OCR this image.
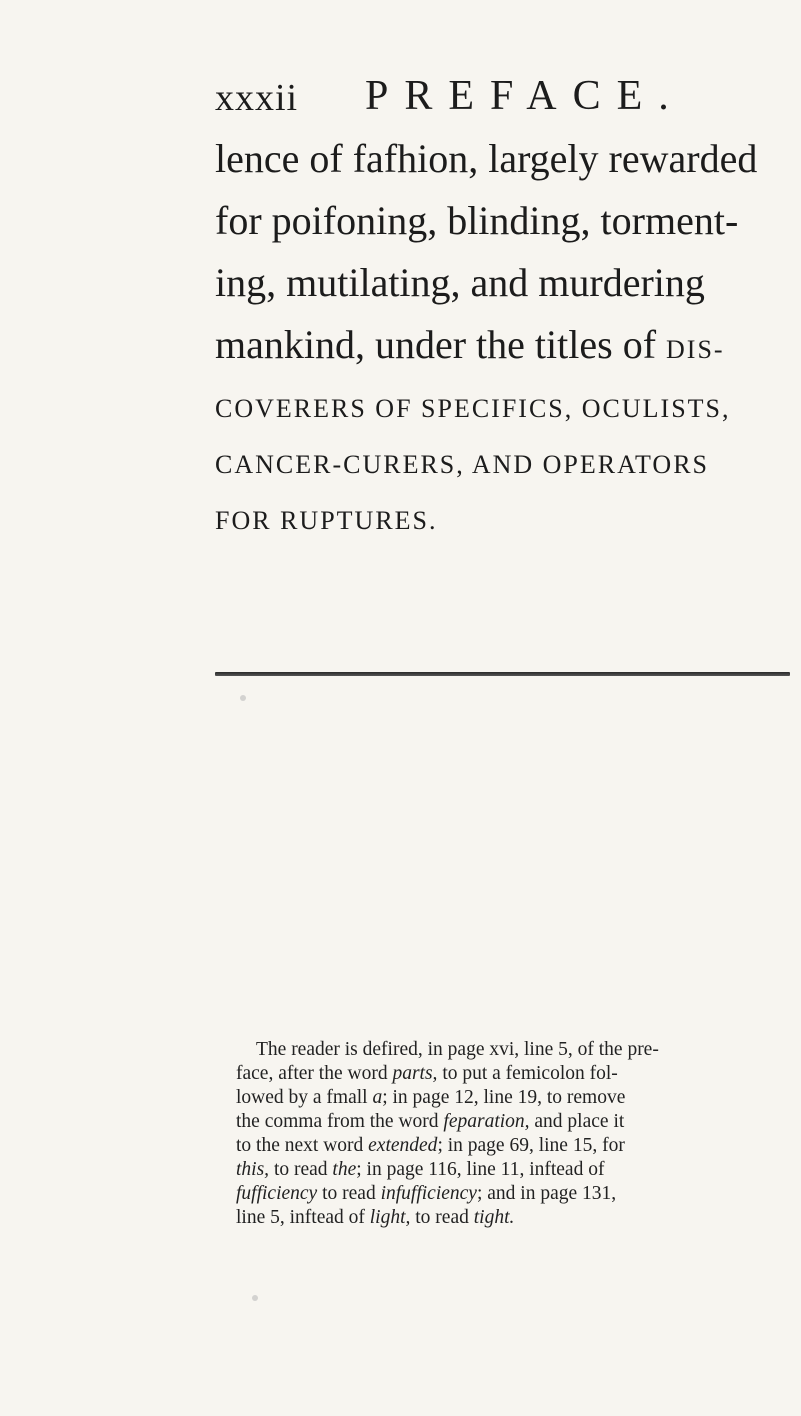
xxxii PREFACE.
lence of fafhion, largely rewarded
for poifoning, blinding, torment-
ing, mutilating, and murdering
mankind, under the titles of DIS-
COVERERS OF SPECIFICS, OCULISTS,
CANCER-CURERS, AND OPERATORS
FOR RUPTURES.
The reader is defired, in page xvi, line 5, of the pre-
face, after the word parts, to put a femicolon fol-
lowed by a fmall a; in page 12, line 19, to remove
the comma from the word feparation, and place it
to the next word extended; in page 69, line 15, for
this, to read the; in page 116, line 11, inftead of
fufficiency to read infufficiency; and in page 131,
line 5, inftead of light, to read tight.
